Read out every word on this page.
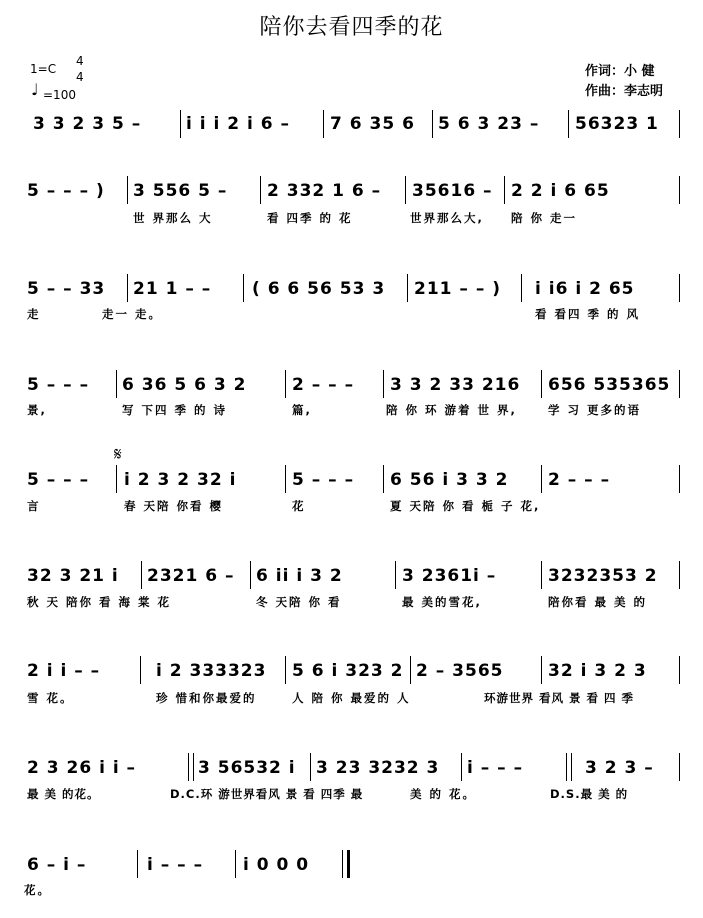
陪你去看四季的花
1=C
4
4
♩ =100
作词：小 健
作曲：李志明
3 3 2 3 5 –	i i i 2 i 6 – 7 6 35 6 5 6 3 23 – 56323 1
5 – – – ) 3 556 5 – 2 332 1 6 – 35616 – 2 2 i 6 65
世 界那么 大	看 四季 的 花	世界那么大, 陪 你 走一
5 – – 33 21 1 – – ( 6 6 56 53 3 211 – – ) i i6 i 2 65
走	走一 走。	看 看四 季 的 风
5 – – – 6 36 5 6 3 2	2 – – – 3 3 2 33 216 656 535365
景,	写 下四 季 的 诗	篇,	陪 你 环 游着 世 界,	学 习 更多的语
𝄋
5 – – – i 2 3 2 32 i	5 – – – 6 56 i 3 3 2 2 – – –
言	春 天陪 你看 樱	花	夏 天陪 你 看 栀 子 花,
32 3 21 i 2321 6 – 6 ii i 3 2	3 2361i –	3232353 2
秋 天 陪你 看 海 棠 花	冬 天陪 你 看	最 美的雪花,	陪你看 最 美 的
2 i i – –	i 2 333323 5 6 i 323 2 2 – 3565	32 i 3 2 3
雪 花。	珍 惜和你最爱的	人 陪 你 最爱的 人	环游世界 看风 景 看 四 季
2 3 26 i i –	3 56532 i 3 23 3232 3 i – – –	3 2 3 –
最 美 的花。	D.C.环 游世界看风 景 看 四季 最	美 的 花。	D.S.最 美 的
6 – i –	i – – – i 0 0 0
花。
